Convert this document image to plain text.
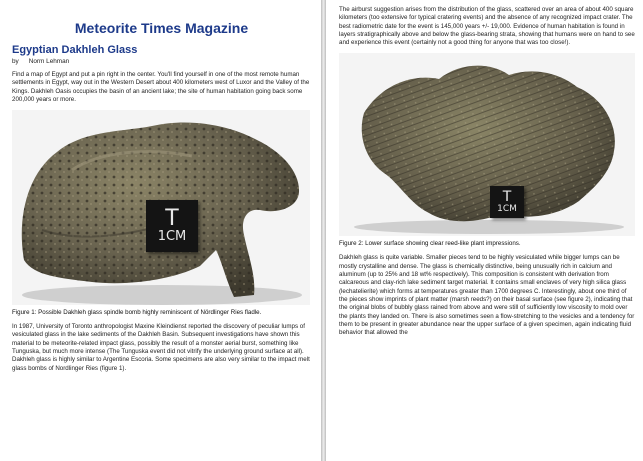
Meteorite Times Magazine
Egyptian Dakhleh Glass
by Norm Lehman

Find a map of Egypt and put a pin right in the center. You'll find yourself in one of the most remote human settlements in Egypt, way out in the Western Desert about 400 kilometers west of Luxor and the Valley of the Kings. Dakhleh Oasis occupies the basin of an ancient lake; the site of human habitation going back some 200,000 years or more.

T
1CM
Figure 1: Possible Dakhleh glass spindle bomb highly reminiscent of Nördlinger Ries fladle.

In 1987, University of Toronto anthropologist Maxine Kleindienst reported the discovery of peculiar lumps of vesiculated glass in the lake sediments of the Dakhleh Basin. Subsequent investigations have shown this material to be meteorite-related impact glass, possibly the result of a monster aerial burst, something like Tunguska, but much more intense (The Tunguska event did not vitrify the underlying ground surface at all). Dakhleh glass is highly similar to Argentine Escoria. Some specimens are also very similar to the impact melt glass bombs of Nordlinger Ries (figure 1).

The airburst suggestion arises from the distribution of the glass, scattered over an area of about 400 square kilometers (too extensive for typical cratering events) and the absence of any recognized impact crater. The best radiometric date for the event is 145,000 years +/- 19,000. Evidence of human habitation is found in layers stratigraphically above and below the glass-bearing strata, showing that humans were on hand to see and experience this event (certainly not a good thing for anyone that was too close!).

T
1CM
Figure 2: Lower surface showing clear reed-like plant impressions.

Dakhleh glass is quite variable. Smaller pieces tend to be highly vesiculated while bigger lumps can be mostly crystalline and dense. The glass is chemically distinctive, being unusually rich in calcium and aluminum (up to 25% and 18 wt% respectively). This composition is consistent with derivation from calcareous and clay-rich lake sediment target material. It contains small enclaves of very high silica glass (lechatelierite) which forms at temperatures greater than 1700 degrees C. Interestingly, about one third of the pieces show imprints of plant matter (marsh reeds?) on their basal surface (see figure 2), indicating that the original blobs of bubbly glass rained from above and were still of sufficiently low viscosity to mold over the plants they landed on. There is also sometimes seen a flow-stretching to the vesicles and a tendency for them to be present in greater abundance near the upper surface of a given specimen, again indicating fluid behavior that allowed the
